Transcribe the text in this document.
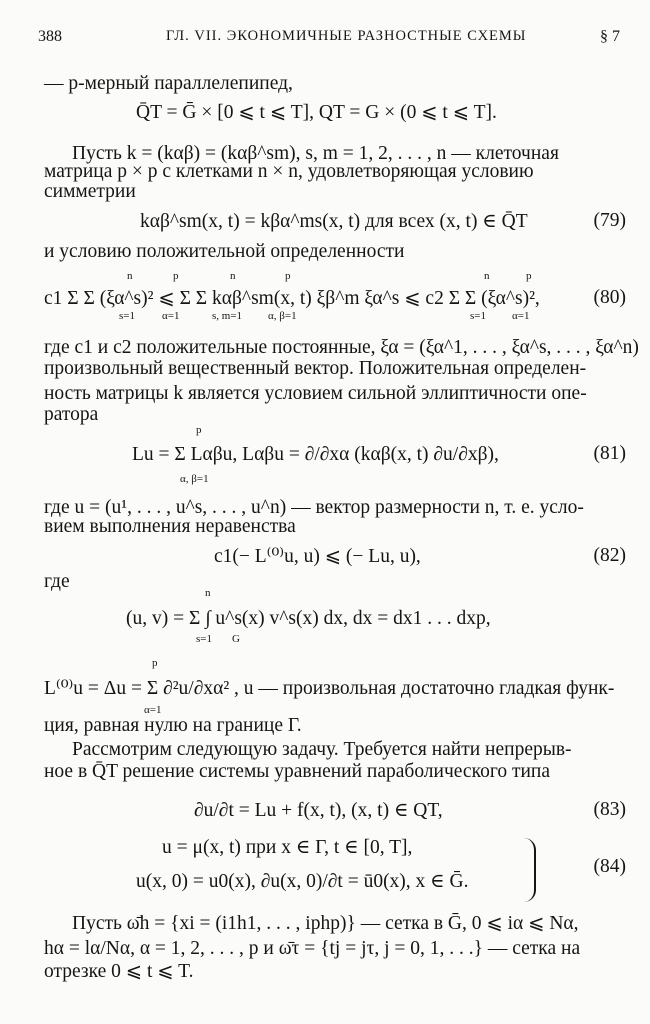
388	ГЛ. VII. ЭКОНОМИЧНЫЕ РАЗНОСТНЫЕ СХЕМЫ	§ 7
— p-мерный параллелепипед,
Q̄T = Ḡ × [0 ⩽ t ⩽ T], QT = G × (0 ⩽ t ⩽ T].
Пусть k = (kαβ) = (kαβ^sm), s, m = 1, 2, . . . , n — клеточная
матрица p × p с клетками n × n, удовлетворяющая условию
симметрии
kαβ^sm(x, t) = kβα^ms(x, t) для всех (x, t) ∈ Q̄T	(79)
и условию положительной определенности
c1 Σ Σ (ξα^s)² ⩽ Σ Σ kαβ^sm(x, t) ξβ^m ξα^s ⩽ c2 Σ Σ (ξα^s)²,	(80)
где c1 и c2 положительные постоянные, ξα = (ξα^1, . . . , ξα^s, . . . , ξα^n)
произвольный вещественный вектор. Положительная определен-
ность матрицы k является условием сильной эллиптичности опе-
ратора
Lu = Σ Lαβu, Lαβu = ∂/∂xα (kαβ(x, t) ∂u/∂xβ),	(81)
где u = (u¹, . . . , u^s, . . . , u^n) — вектор размерности n, т. е. усло-
вием выполнения неравенства
c1(− L⁽⁰⁾u, u) ⩽ (− Lu, u),	(82)
где
(u, v) = Σ ∫ u^s(x) v^s(x) dx, dx = dx1 . . . dxp,
L⁽⁰⁾u = Δu = Σ ∂²u/∂xα² , u — произвольная достаточно гладкая функ-
ция, равная нулю на границе Γ.
Рассмотрим следующую задачу. Требуется найти непрерыв-
ное в Q̄T решение системы уравнений параболического типа
∂u/∂t = Lu + f(x, t), (x, t) ∈ QT,	(83)
u = μ(x, t) при x ∈ Γ, t ∈ [0, T],
u(x, 0) = u0(x), ∂u(x, 0)/∂t = ū0(x), x ∈ Ḡ.
(84)
Пусть ω̄h = {xi = (i1h1, . . . , iphp)} — сетка в Ḡ, 0 ⩽ iα ⩽ Nα,
hα = lα/Nα, α = 1, 2, . . . , p и ω̄τ = {tj = jτ, j = 0, 1, . . .} — сетка на
отрезке 0 ⩽ t ⩽ T.
n	p
s=1 α=1
n	p
s, m=1 α, β=1
n	p
s=1 α=1
p
α, β=1
n
s=1 G
p
α=1
